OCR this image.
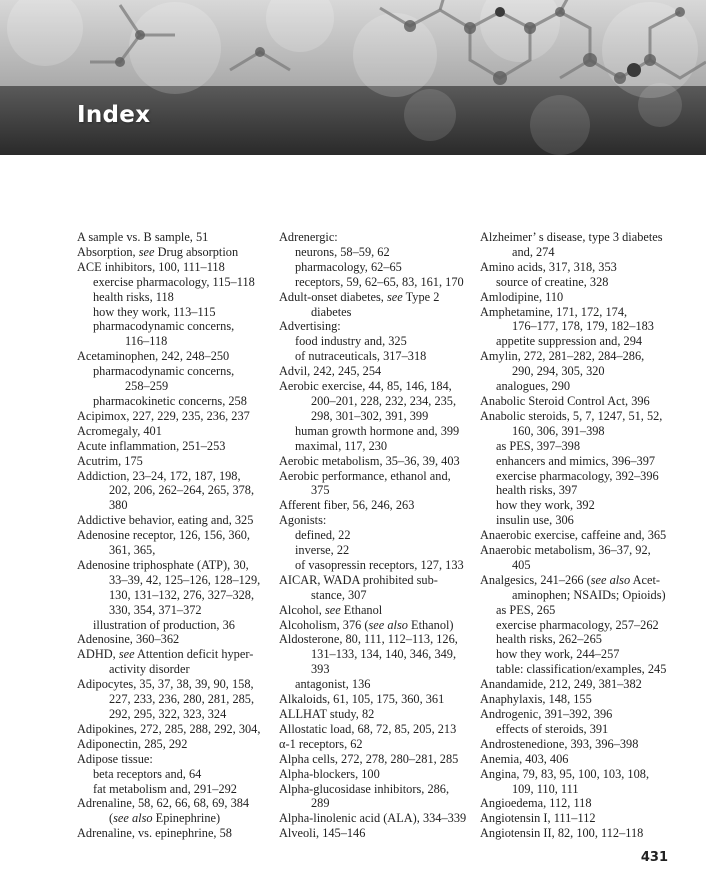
Index
A sample vs. B sample, 51
Absorption, see Drug absorption
ACE inhibitors, 100, 111–118
exercise pharmacology, 115–118
health risks, 118
how they work, 113–115
pharmacodynamic concerns,
116–118
Acetaminophen, 242, 248–250
pharmacodynamic concerns,
258–259
pharmacokinetic concerns, 258
Acipimox, 227, 229, 235, 236, 237
Acromegaly, 401
Acute inflammation, 251–253
Acutrim, 175
Addiction, 23–24, 172, 187, 198,
202, 206, 262–264, 265, 378,
380
Addictive behavior, eating and, 325
Adenosine receptor, 126, 156, 360,
361, 365,
Adenosine triphosphate (ATP), 30,
33–39, 42, 125–126, 128–129,
130, 131–132, 276, 327–328,
330, 354, 371–372
illustration of production, 36
Adenosine, 360–362
ADHD, see Attention deficit hyper-
activity disorder
Adipocytes, 35, 37, 38, 39, 90, 158,
227, 233, 236, 280, 281, 285,
292, 295, 322, 323, 324
Adipokines, 272, 285, 288, 292, 304,
Adiponectin, 285, 292
Adipose tissue:
beta receptors and, 64
fat metabolism and, 291–292
Adrenaline, 58, 62, 66, 68, 69, 384
(see also Epinephrine)
Adrenaline, vs. epinephrine, 58
Adrenergic:
neurons, 58–59, 62
pharmacology, 62–65
receptors, 59, 62–65, 83, 161, 170
Adult-onset diabetes, see Type 2
diabetes
Advertising:
food industry and, 325
of nutraceuticals, 317–318
Advil, 242, 245, 254
Aerobic exercise, 44, 85, 146, 184,
200–201, 228, 232, 234, 235,
298, 301–302, 391, 399
human growth hormone and, 399
maximal, 117, 230
Aerobic metabolism, 35–36, 39, 403
Aerobic performance, ethanol and,
375
Afferent fiber, 56, 246, 263
Agonists:
defined, 22
inverse, 22
of vasopressin receptors, 127, 133
AICAR, WADA prohibited sub-
stance, 307
Alcohol, see Ethanol
Alcoholism, 376 (see also Ethanol)
Aldosterone, 80, 111, 112–113, 126,
131–133, 134, 140, 346, 349,
393
antagonist, 136
Alkaloids, 61, 105, 175, 360, 361
ALLHAT study, 82
Allostatic load, 68, 72, 85, 205, 213
α-1 receptors, 62
Alpha cells, 272, 278, 280–281, 285
Alpha-blockers, 100
Alpha-glucosidase inhibitors, 286,
289
Alpha-linolenic acid (ALA), 334–339
Alveoli, 145–146
Alzheimer’ s disease, type 3 diabetes
and, 274
Amino acids, 317, 318, 353
source of creatine, 328
Amlodipine, 110
Amphetamine, 171, 172, 174,
176–177, 178, 179, 182–183
appetite suppression and, 294
Amylin, 272, 281–282, 284–286,
290, 294, 305, 320
analogues, 290
Anabolic Steroid Control Act, 396
Anabolic steroids, 5, 7, 1247, 51, 52,
160, 306, 391–398
as PES, 397–398
enhancers and mimics, 396–397
exercise pharmacology, 392–396
health risks, 397
how they work, 392
insulin use, 306
Anaerobic exercise, caffeine and, 365
Anaerobic metabolism, 36–37, 92,
405
Analgesics, 241–266 (see also Acet-
aminophen; NSAIDs; Opioids)
as PES, 265
exercise pharmacology, 257–262
health risks, 262–265
how they work, 244–257
table: classification/examples, 245
Anandamide, 212, 249, 381–382
Anaphylaxis, 148, 155
Androgenic, 391–392, 396
effects of steroids, 391
Androstenedione, 393, 396–398
Anemia, 403, 406
Angina, 79, 83, 95, 100, 103, 108,
109, 110, 111
Angioedema, 112, 118
Angiotensin I, 111–112
Angiotensin II, 82, 100, 112–118
431
